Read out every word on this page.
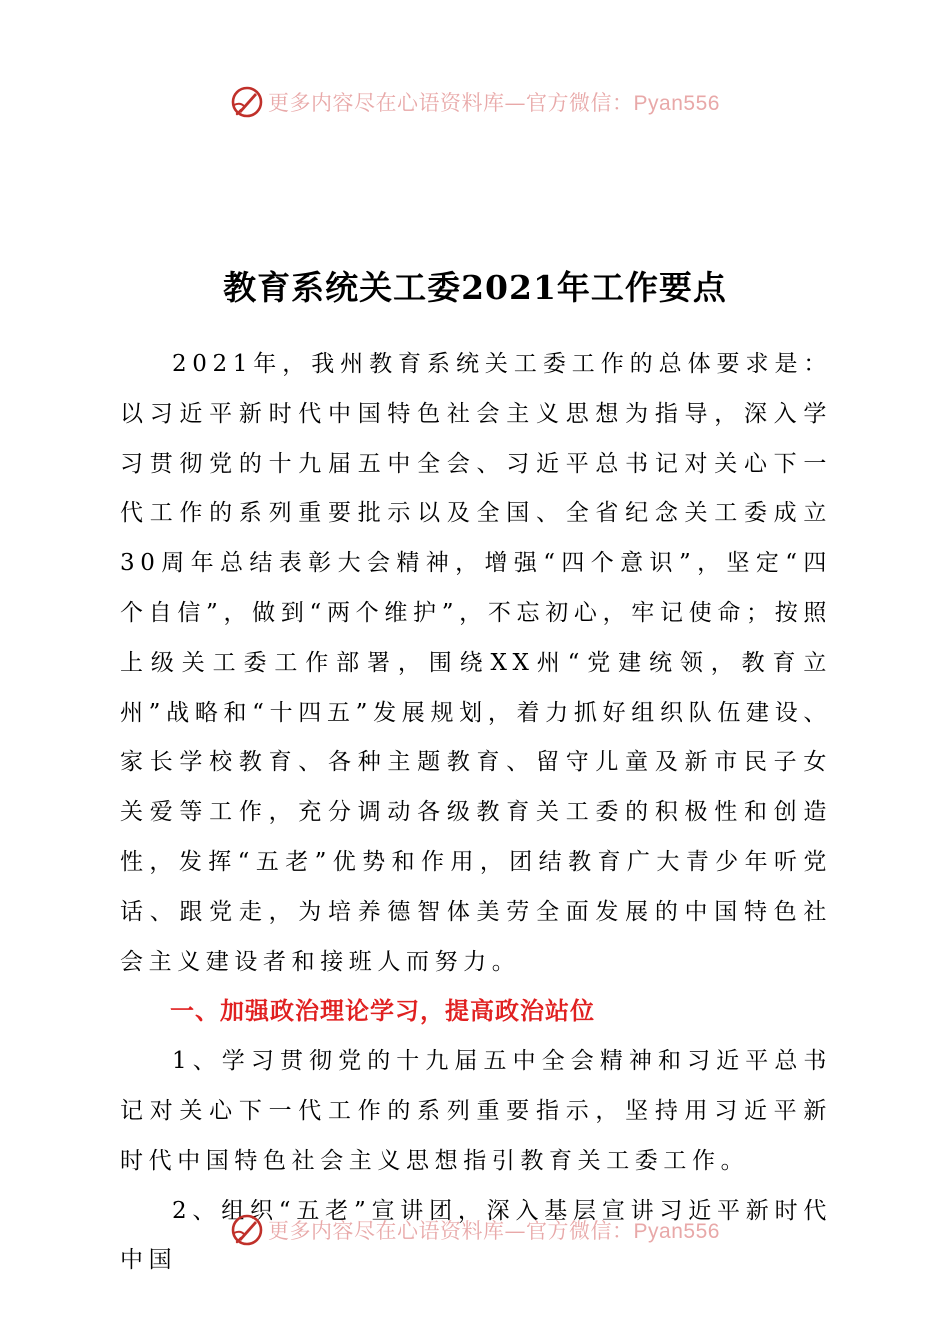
更多内容尽在心语资料库—官方微信：Pyan556
教育系统关工委2021年工作要点

2021年，我州教育系统关工委工作的总体要求是：以习近平新时代中国特色社会主义思想为指导，深入学习贯彻党的十九届五中全会、习近平总书记对关心下一代工作的系列重要批示以及全国、全省纪念关工委成立30周年总结表彰大会精神，增强“四个意识”，坚定“四个自信”，做到“两个维护”，不忘初心，牢记使命；按照上级关工委工作部署，围绕XX州“党建统领，教育立州”战略和“十四五”发展规划，着力抓好组织队伍建设、家长学校教育、各种主题教育、留守儿童及新市民子女关爱等工作，充分调动各级教育关工委的积极性和创造性，发挥“五老”优势和作用，团结教育广大青少年听党话、跟党走，为培养德智体美劳全面发展的中国特色社会主义建设者和接班人而努力。

一、加强政治理论学习，提高政治站位

1、学习贯彻党的十九届五中全会精神和习近平总书记对关心下一代工作的系列重要指示，坚持用习近平新时代中国特色社会主义思想指引教育关工委工作。

2、组织“五老”宣讲团，深入基层宣讲习近平新时代中国

更多内容尽在心语资料库—官方微信：Pyan556
